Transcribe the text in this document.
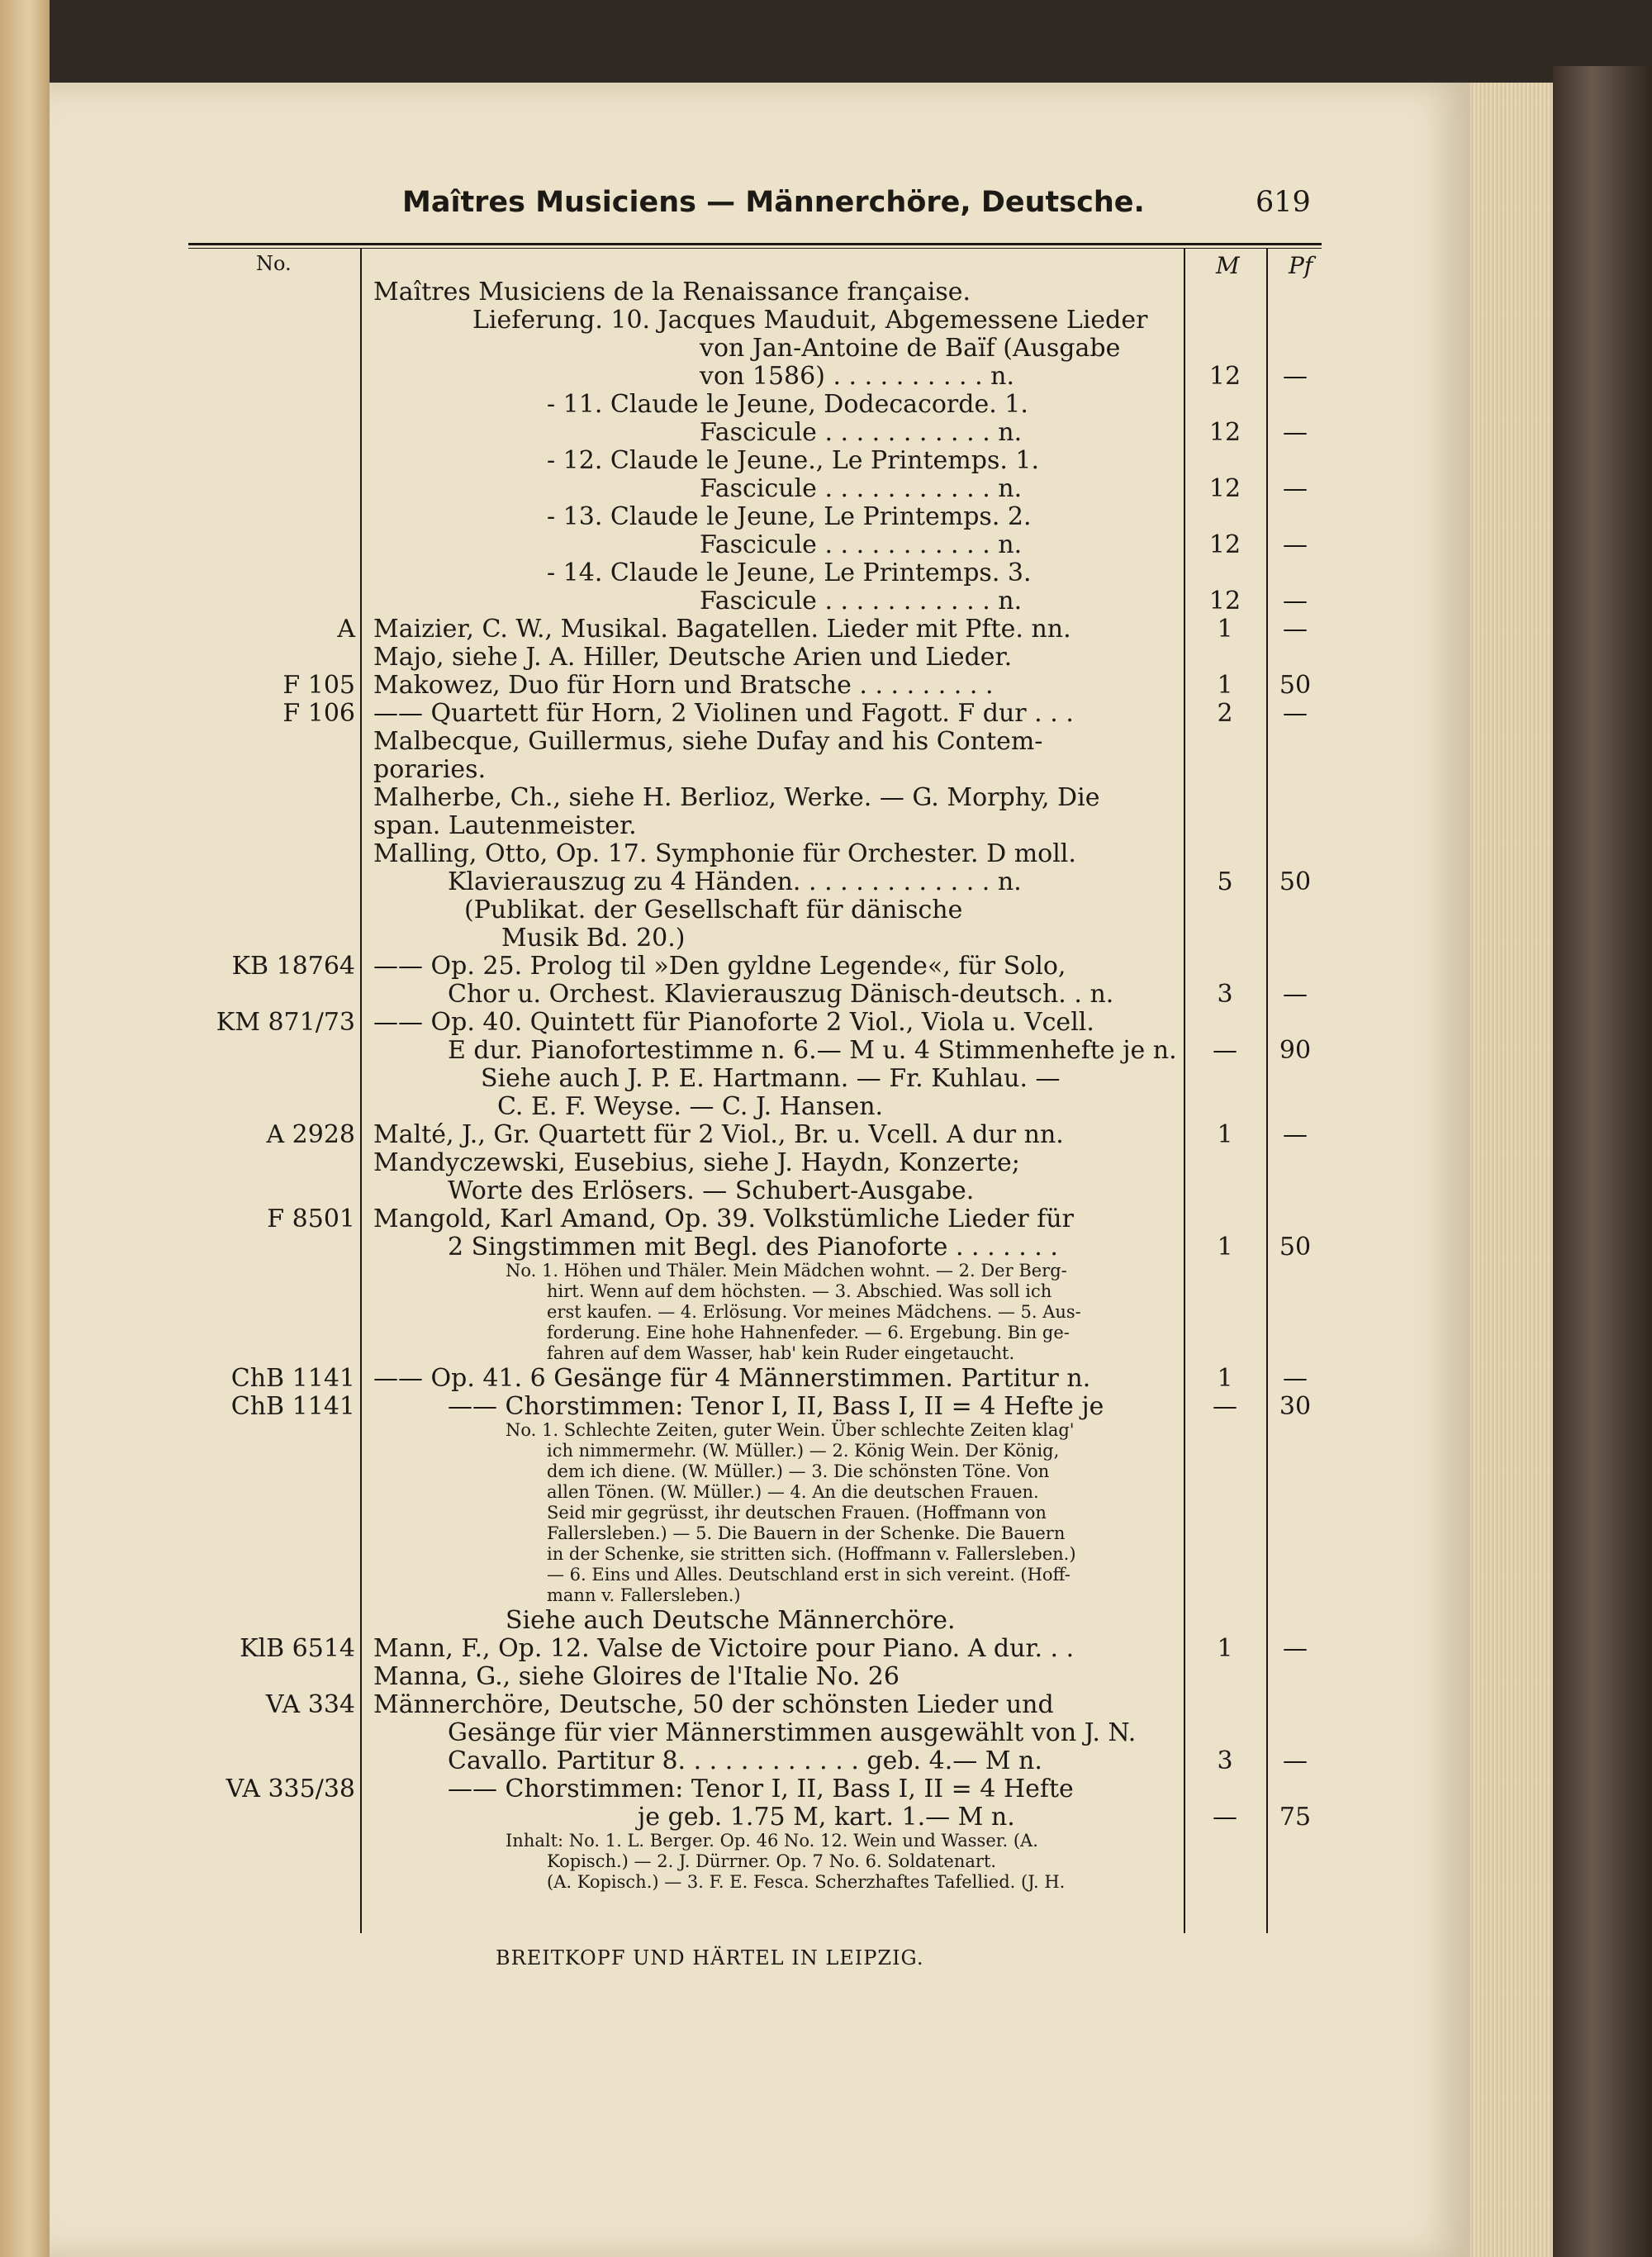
Maîtres Musiciens — Männerchöre, Deutsche.	619
No.	M Pf
Maîtres Musiciens de la Renaissance française.
Lieferung. 10. Jacques Mauduit, Abgemessene Lieder
von Jan-Antoine de Baïf (Ausgabe
von 1586) . . . . . . . . . . n.	12	—
- 11. Claude le Jeune, Dodecacorde. 1.
Fascicule . . . . . . . . . . . n.	12	—
- 12. Claude le Jeune., Le Printemps. 1.
Fascicule . . . . . . . . . . . n.	12	—
- 13. Claude le Jeune, Le Printemps. 2.
Fascicule . . . . . . . . . . . n.	12	—
- 14. Claude le Jeune, Le Printemps. 3.
Fascicule . . . . . . . . . . . n.	12	—
A Maizier, C. W., Musikal. Bagatellen. Lieder mit Pfte. nn.	1	—
Majo, siehe J. A. Hiller, Deutsche Arien und Lieder.
F 105 Makowez, Duo für Horn und Bratsche . . . . . . . . .	1	50
F 106 —— Quartett für Horn, 2 Violinen und Fagott. F dur . . .	2	—
Malbecque, Guillermus, siehe Dufay and his Contem-
poraries.
Malherbe, Ch., siehe H. Berlioz, Werke. — G. Morphy, Die
span. Lautenmeister.
Malling, Otto, Op. 17. Symphonie für Orchester. D moll.
Klavierauszug zu 4 Händen. . . . . . . . . . . . . n.	5	50
(Publikat. der Gesellschaft für dänische
Musik Bd. 20.)
KB 18764 —— Op. 25. Prolog til »Den gyldne Legende«, für Solo,
Chor u. Orchest. Klavierauszug Dänisch-deutsch. . n.	3	—
KM 871/73 —— Op. 40. Quintett für Pianoforte 2 Viol., Viola u. Vcell.
E dur. Pianofortestimme n. 6.— M u. 4 Stimmenhefte je n.	—	90
Siehe auch J. P. E. Hartmann. — Fr. Kuhlau. —
C. E. F. Weyse. — C. J. Hansen.
A 2928 Malté, J., Gr. Quartett für 2 Viol., Br. u. Vcell. A dur nn.	1	—
Mandyczewski, Eusebius, siehe J. Haydn, Konzerte;
Worte des Erlösers. — Schubert-Ausgabe.
F 8501 Mangold, Karl Amand, Op. 39. Volkstümliche Lieder für
2 Singstimmen mit Begl. des Pianoforte . . . . . . .	1	50
No. 1. Höhen und Thäler. Mein Mädchen wohnt. — 2. Der Berg-
hirt. Wenn auf dem höchsten. — 3. Abschied. Was soll ich
erst kaufen. — 4. Erlösung. Vor meines Mädchens. — 5. Aus-
forderung. Eine hohe Hahnenfeder. — 6. Ergebung. Bin ge-
fahren auf dem Wasser, hab' kein Ruder eingetaucht.
ChB 1141 —— Op. 41. 6 Gesänge für 4 Männerstimmen. Partitur n.	1	—
ChB 1141	—— Chorstimmen: Tenor I, II, Bass I, II = 4 Hefte je	—	30
No. 1. Schlechte Zeiten, guter Wein. Über schlechte Zeiten klag'
ich nimmermehr. (W. Müller.) — 2. König Wein. Der König,
dem ich diene. (W. Müller.) — 3. Die schönsten Töne. Von
allen Tönen. (W. Müller.) — 4. An die deutschen Frauen.
Seid mir gegrüsst, ihr deutschen Frauen. (Hoffmann von
Fallersleben.) — 5. Die Bauern in der Schenke. Die Bauern
in der Schenke, sie stritten sich. (Hoffmann v. Fallersleben.)
— 6. Eins und Alles. Deutschland erst in sich vereint. (Hoff-
mann v. Fallersleben.)
Siehe auch Deutsche Männerchöre.
KlB 6514 Mann, F., Op. 12. Valse de Victoire pour Piano. A dur. . .	1	—
Manna, G., siehe Gloires de l'Italie No. 26
VA 334 Männerchöre, Deutsche, 50 der schönsten Lieder und
Gesänge für vier Männerstimmen ausgewählt von J. N.
Cavallo. Partitur 8. . . . . . . . . . . . geb. 4.— M n.	3	—
VA 335/38	—— Chorstimmen: Tenor I, II, Bass I, II = 4 Hefte
je geb. 1.75 M, kart. 1.— M n.	—	75
Inhalt: No. 1. L. Berger. Op. 46 No. 12. Wein und Wasser. (A.
Kopisch.) — 2. J. Dürrner. Op. 7 No. 6. Soldatenart.
(A. Kopisch.) — 3. F. E. Fesca. Scherzhaftes Tafellied. (J. H.
BREITKOPF UND HÄRTEL IN LEIPZIG.
